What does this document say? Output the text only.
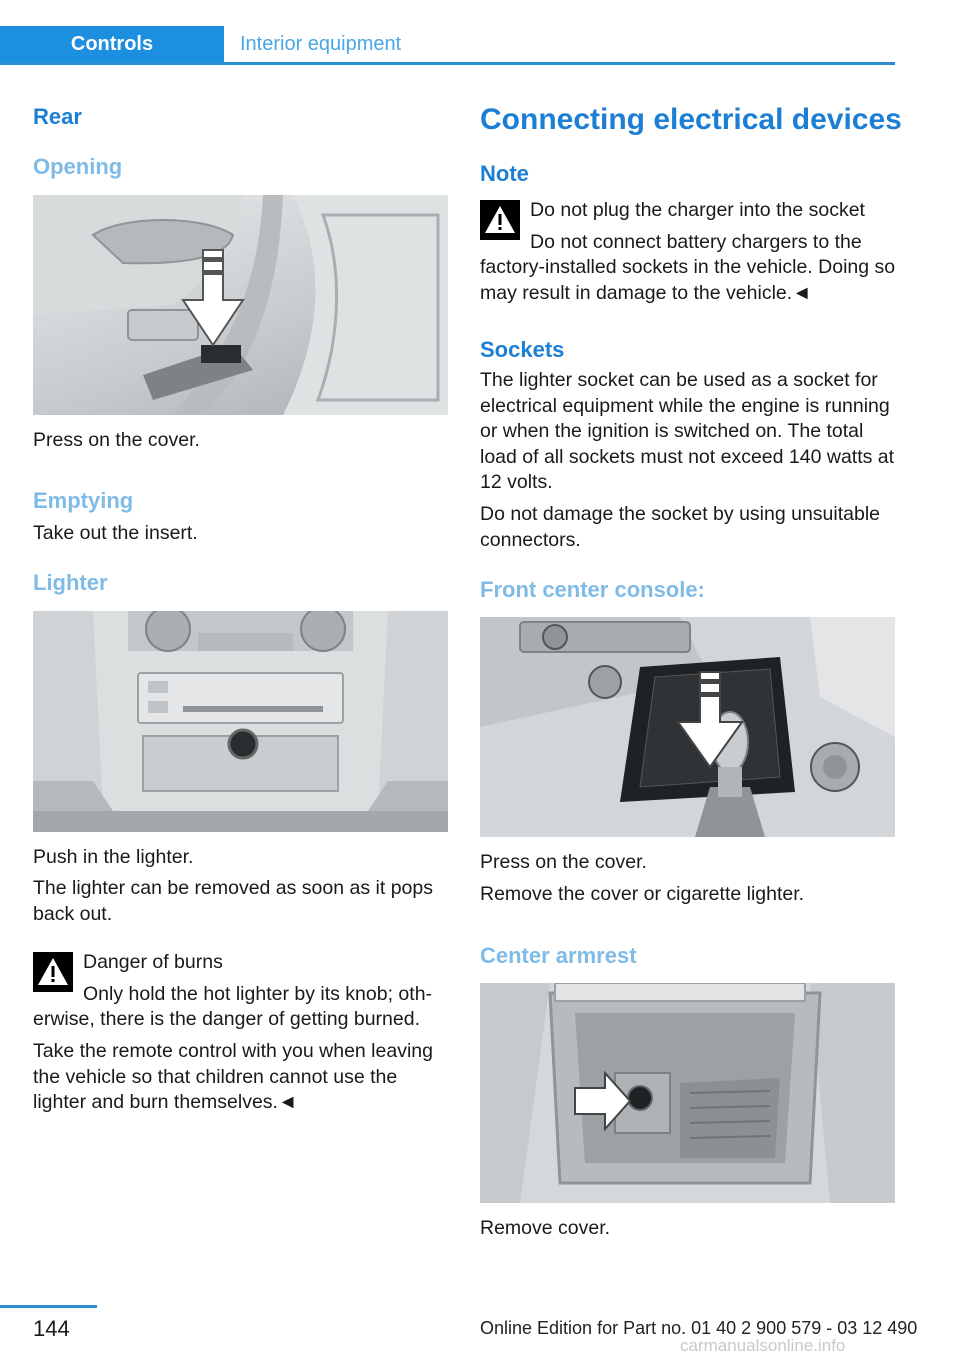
Controls	Interior equipment
Rear
Opening
Press on the cover.
Emptying
Take out the insert.
Lighter
Push in the lighter.
The lighter can be removed as soon as it pops back out.
Danger of burns
Only hold the hot lighter by its knob; oth-
erwise, there is the danger of getting burned.
Take the remote control with you when leaving the vehicle so that children cannot use the lighter and burn themselves.◄
Connecting electrical devices
Note
Do not plug the charger into the socket
Do not connect battery chargers to the
factory-installed sockets in the vehicle. Doing so may result in damage to the vehicle.◄
Sockets
The lighter socket can be used as a socket for electrical equipment while the engine is running or when the ignition is switched on. The total load of all sockets must not exceed 140 watts at 12 volts.
Do not damage the socket by using unsuitable connectors.
Front center console:
Press on the cover.
Remove the cover or cigarette lighter.
Center armrest
Remove cover.
144	Online Edition for Part no. 01 40 2 900 579 - 03 12 490
carmanualsonline.info
